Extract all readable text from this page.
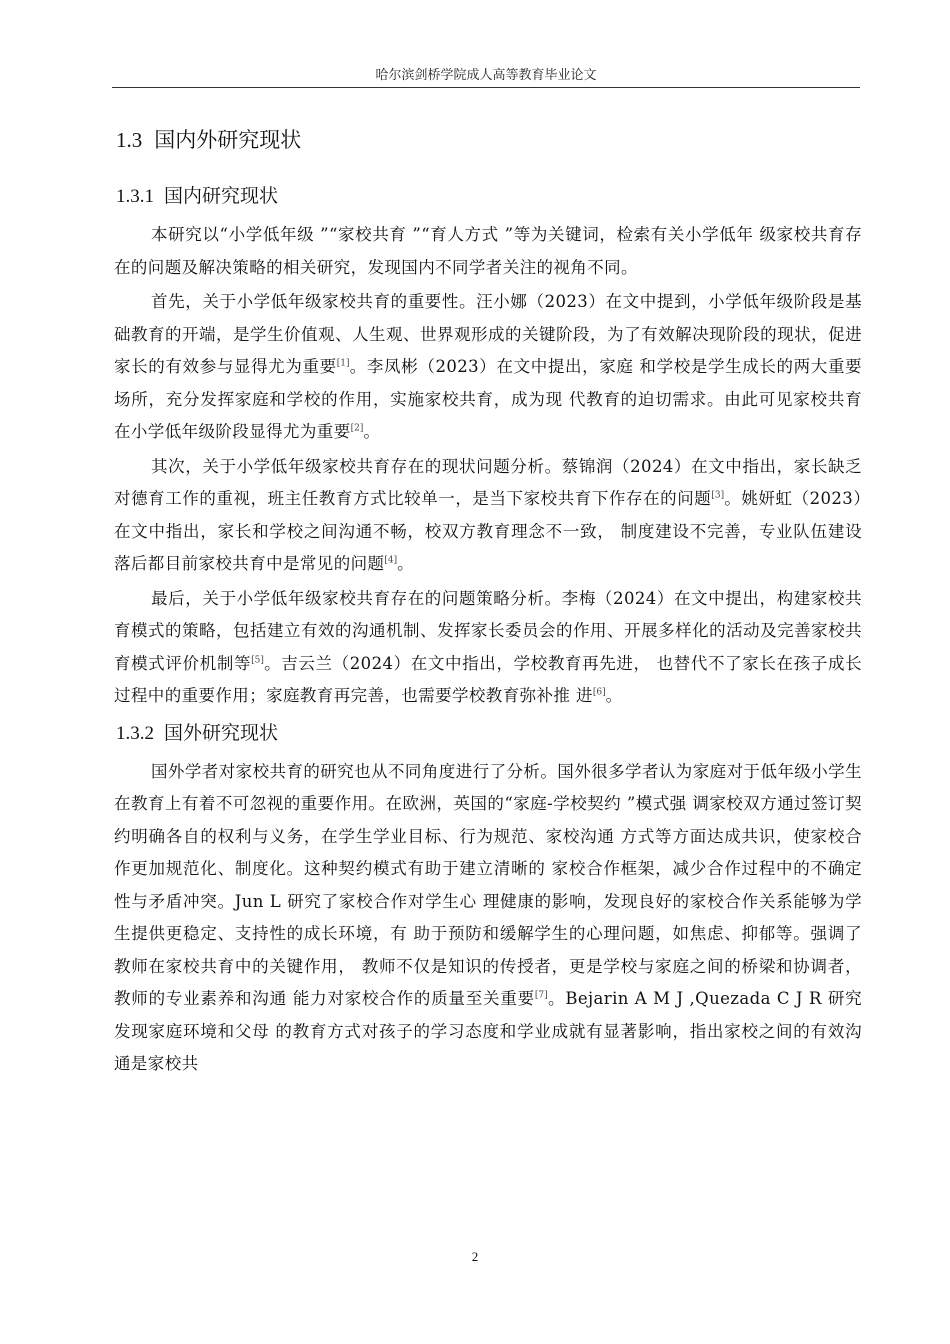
哈尔滨剑桥学院成人高等教育毕业论文
1.3 国内外研究现状
1.3.1 国内研究现状

本研究以“小学低年级 ”“家校共育 ”“育人方式 ”等为关键词，检索有关小学低年 级家校共育存在的问题及解决策略的相关研究，发现国内不同学者关注的视角不同。

首先，关于小学低年级家校共育的重要性。汪小娜（2023）在文中提到，小学低年级阶段是基础教育的开端，是学生价值观、人生观、世界观形成的关键阶段，为了有效解决现阶段的现状，促进家长的有效参与显得尤为重要[1]。李凤彬（2023）在文中提出，家庭 和学校是学生成长的两大重要场所，充分发挥家庭和学校的作用，实施家校共育，成为现 代教育的迫切需求。由此可见家校共育在小学低年级阶段显得尤为重要[2]。

其次，关于小学低年级家校共育存在的现状问题分析。蔡锦润（2024）在文中指出，家长缺乏对德育工作的重视，班主任教育方式比较单一，是当下家校共育下作存在的问题[3]。姚妍虹（2023）在文中指出，家长和学校之间沟通不畅，校双方教育理念不一致， 制度建设不完善，专业队伍建设落后都目前家校共育中是常见的问题[4]。

最后，关于小学低年级家校共育存在的问题策略分析。李梅（2024）在文中提出，构建家校共育模式的策略，包括建立有效的沟通机制、发挥家长委员会的作用、开展多样化的活动及完善家校共育模式评价机制等[5]。吉云兰（2024）在文中指出，学校教育再先进， 也替代不了家长在孩子成长过程中的重要作用；家庭教育再完善，也需要学校教育弥补推 进[6]。

1.3.2 国外研究现状

国外学者对家校共育的研究也从不同角度进行了分析。国外很多学者认为家庭对于低年级小学生在教育上有着不可忽视的重要作用。在欧洲，英国的“家庭-学校契约 ”模式强 调家校双方通过签订契约明确各自的权利与义务，在学生学业目标、行为规范、家校沟通 方式等方面达成共识，使家校合作更加规范化、制度化。这种契约模式有助于建立清晰的 家校合作框架，减少合作过程中的不确定性与矛盾冲突。Jun L 研究了家校合作对学生心 理健康的影响，发现良好的家校合作关系能够为学生提供更稳定、支持性的成长环境，有 助于预防和缓解学生的心理问题，如焦虑、抑郁等。强调了教师在家校共育中的关键作用， 教师不仅是知识的传授者，更是学校与家庭之间的桥梁和协调者，教师的专业素养和沟通 能力对家校合作的质量至关重要[7]。Bejarin A M J ,Quezada C J R 研究发现家庭环境和父母 的教育方式对孩子的学习态度和学业成就有显著影响，指出家校之间的有效沟通是家校共

2
